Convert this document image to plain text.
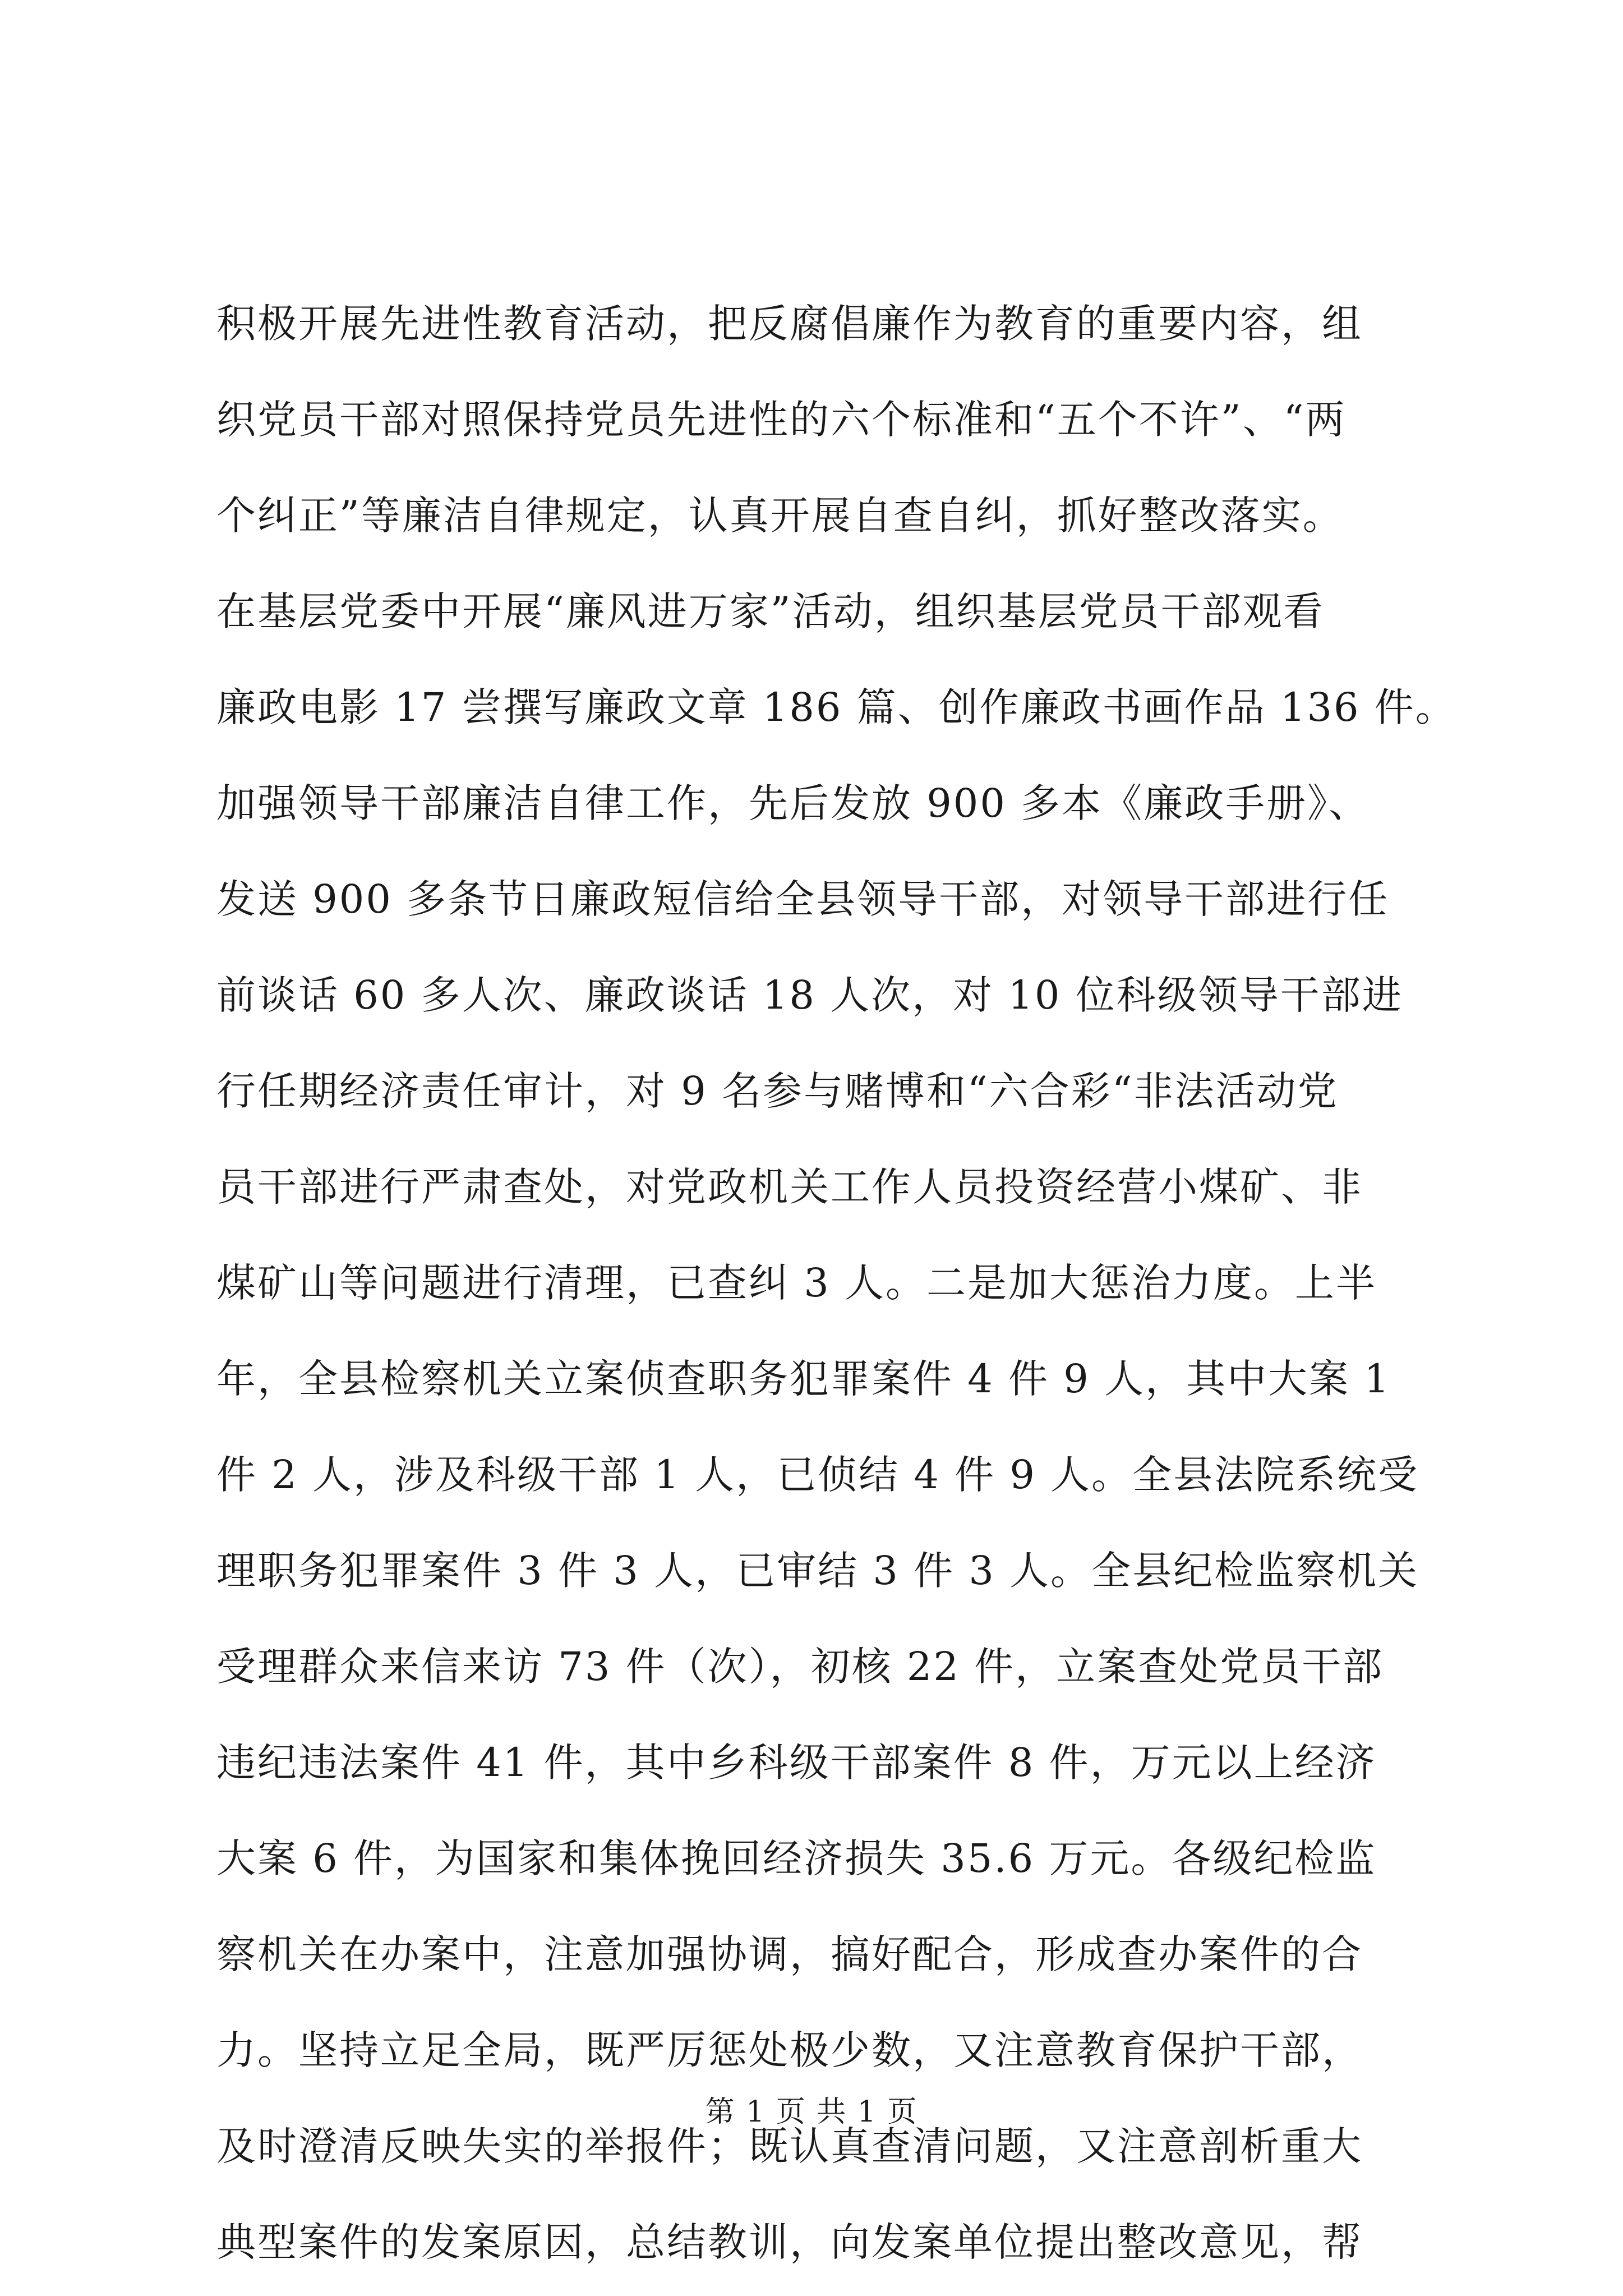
积极开展先进性教育活动，把反腐倡廉作为教育的重要内容，组
织党员干部对照保持党员先进性的六个标准和“五个不许”、“两
个纠正”等廉洁自律规定，认真开展自查自纠，抓好整改落实。
在基层党委中开展“廉风进万家”活动，组织基层党员干部观看
廉政电影 17 尝撰写廉政文章 186 篇、创作廉政书画作品 136 件。
加强领导干部廉洁自律工作，先后发放 900 多本《廉政手册》、
发送 900 多条节日廉政短信给全县领导干部，对领导干部进行任
前谈话 60 多人次、廉政谈话 18 人次，对 10 位科级领导干部进
行任期经济责任审计，对 9 名参与赌博和“六合彩“非法活动党
员干部进行严肃查处，对党政机关工作人员投资经营小煤矿、非
煤矿山等问题进行清理，已查纠 3 人。二是加大惩治力度。上半
年，全县检察机关立案侦查职务犯罪案件 4 件 9 人，其中大案 1
件 2 人，涉及科级干部 1 人，已侦结 4 件 9 人。全县法院系统受
理职务犯罪案件 3 件 3 人，已审结 3 件 3 人。全县纪检监察机关
受理群众来信来访 73 件（次），初核 22 件，立案查处党员干部
违纪违法案件 41 件，其中乡科级干部案件 8 件，万元以上经济
大案 6 件，为国家和集体挽回经济损失 35.6 万元。各级纪检监
察机关在办案中，注意加强协调，搞好配合，形成查办案件的合
力。坚持立足全局，既严厉惩处极少数，又注意教育保护干部，
及时澄清反映失实的举报件；既认真查清问题，又注意剖析重大
典型案件的发案原因，总结教训，向发案单位提出整改意见，帮
第 1 页 共 1 页
